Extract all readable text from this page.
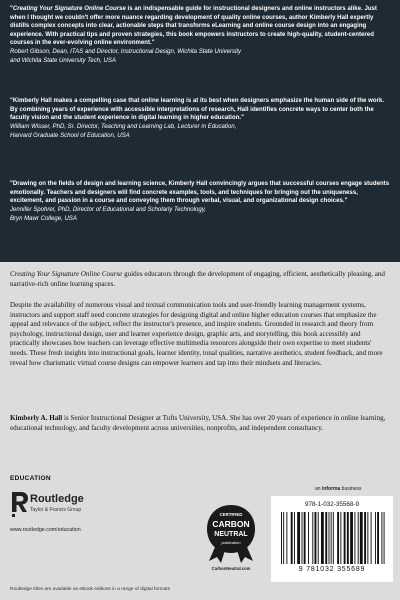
"Creating Your Signature Online Course is an indispensable guide for instructional designers and online instructors alike. Just when I thought we couldn't offer more nuance regarding development of quality online courses, author Kimberly Hall expertly distills complex concepts into clear, actionable steps that transforms eLearning and online course design into an engaging experience. With practical tips and proven strategies, this book empowers instructors to create high-quality, student-centered courses in the ever-evolving online environment."

Robert Gibson, Dean, ITAS and Director, Instructional Design, Wichita State University
and Wichita State University Tech, USA

"Kimberly Hall makes a compelling case that online learning is at its best when designers emphasize the human side of the work. By combining years of experience with accessible interpretations of research, Hall identifies concrete ways to center both the faculty vision and the student experience in digital learning in higher education."

William Wisser, PhD, Sr. Director, Teaching and Learning Lab, Lecturer in Education,
Harvard Graduate School of Education, USA

"Drawing on the fields of design and learning science, Kimberly Hall convincingly argues that successful courses engage students emotionally. Teachers and designers will find concrete examples, tools, and techniques for bringing out the uniqueness, excitement, and passion in a course and conveying them through verbal, visual, and organizational design choices."

Jennifer Spohrer, PhD, Director of Educational and Scholarly Technology,
Bryn Mawr College, USA

Creating Your Signature Online Course guides educators through the development of engaging, efficient, aesthetically pleasing, and narrative-rich online learning spaces.

Despite the availability of numerous visual and textual communication tools and user-friendly learning management systems, instructors and support staff need concrete strategies for designing digital and online higher education courses that emphasize the appeal and relevance of the subject, reflect the instructor's presence, and inspire students. Grounded in research and theory from psychology, instructional design, user and learner experience design, graphic arts, and storytelling, this book accessibly and practically showcases how teachers can leverage effective multimedia resources alongside their own expertise to meet students' needs. These fresh insights into instructional goals, learner identity, tonal qualities, narrative aesthetics, student feedback, and more reveal how charismatic virtual course designs can empower learners and tap into their mindsets and literacies.

Kimberly A. Hall is Senior Instructional Designer at Tufts University, USA. She has over 20 years of experience in online learning, educational technology, and faculty development across universities, nonprofits, and independent consultancy.

EDUCATION
Routledge
Taylor & Francis Group
www.routledge.com/education
Routledge titles are available as eBook editions in a range of digital formats
CERTIFIED
CARBON
NEUTRAL
publication
CarbonNeutral.com
an informa business
978-1-032-35568-9
9 781032 355689
